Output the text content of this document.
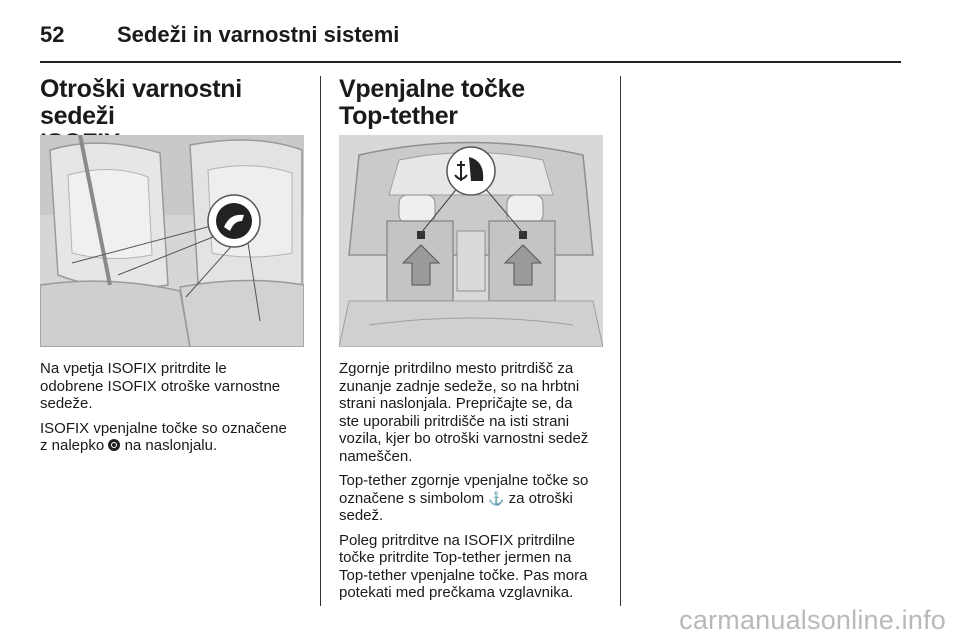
52 Sedeži in varnostni sistemi
Otroški varnostni sedeži

Na vpetja ISOFIX pritrdite le
odobrene ISOFIX otroške varnostne
sedeže.

ISOFIX vpenjalne točke so označene
z nalepko na naslonjalu.

Vpenjalne točke
Top-tether

Zgornje pritrdilno mesto pritrdišč za
zunanje zadnje sedeže, so na hrbtni
strani naslonjala. Prepričajte se, da
ste uporabili pritrdišče na isti strani
vozila, kjer bo otroški varnostni sedež
nameščen.

Top-tether zgornje vpenjalne točke so
označene s simbolom ⚓ za otroški
sedež.

Poleg pritrditve na ISOFIX pritrdilne
točke pritrdite Top-tether jermen na
Top-tether vpenjalne točke. Pas mora
potekati med prečkama vzglavnika.

carmanualsonline.info
